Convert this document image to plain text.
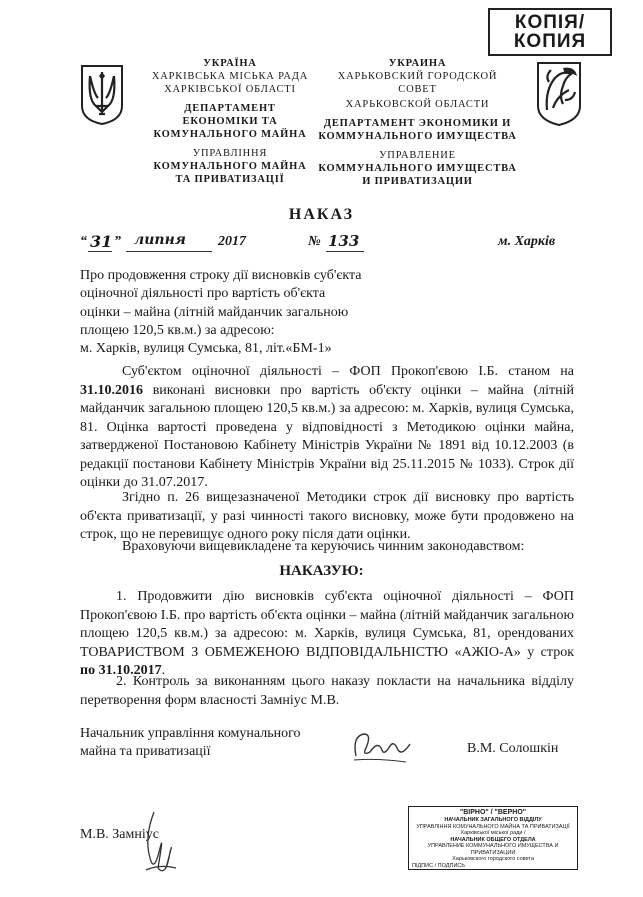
КОПІЯ/
КОПИЯ
УКРАЇНА
ХАРКІВСЬКА МІСЬКА РАДА
ХАРКІВСЬКОЇ ОБЛАСТІ
ДЕПАРТАМЕНТ
ЕКОНОМІКИ ТА
КОМУНАЛЬНОГО МАЙНА
УПРАВЛІННЯ
КОМУНАЛЬНОГО МАЙНА
ТА ПРИВАТИЗАЦІЇ
УКРАИНА
ХАРЬКОВСКИЙ ГОРОДСКОЙ
СОВЕТ
ХАРЬКОВСКОЙ ОБЛАСТИ
ДЕПАРТАМЕНТ ЭКОНОМИКИ И
КОММУНАЛЬНОГО ИМУЩЕСТВА
УПРАВЛЕНИЕ
КОММУНАЛЬНОГО ИМУЩЕСТВА
И ПРИВАТИЗАЦИИ
НАКАЗ
“ 31 ” липня 2017	№ 133	м. Харків
Про продовження строку дії висновків суб'єкта
оціночної діяльності про вартість об'єкта
оцінки – майна (літній майданчик загальною
площею 120,5 кв.м.) за адресою:
м. Харків, вулиця Сумська, 81, літ.«БМ-1»
Суб'єктом оціночної діяльності – ФОП Прокоп'євою І.Б. станом на 31.10.2016 виконані висновки про вартість об'єкту оцінки – майна (літній майданчик загальною площею 120,5 кв.м.) за адресою: м. Харків, вулиця Сумська, 81. Оцінка вартості проведена у відповідності з Методикою оцінки майна, затвердженої Постановою Кабінету Міністрів України № 1891 від 10.12.2003 (в редакції постанови Кабінету Міністрів України від 25.11.2015 № 1033). Строк дії оцінки до 31.07.2017.
Згідно п. 26 вищезазначеної Методики строк дії висновку про вартість об'єкта приватизації, у разі чинності такого висновку, може бути продовжено на строк, що не перевищує одного року після дати оцінки.
Враховуючи вищевикладене та керуючись чинним законодавством:
НАКАЗУЮ:
1. Продовжити дію висновків суб'єкта оціночної діяльності – ФОП Прокоп'євою І.Б. про вартість об'єкта оцінки – майна (літній майданчик загальною площею 120,5 кв.м.) за адресою: м. Харків, вулиця Сумська, 81, орендованих ТОВАРИСТВОМ З ОБМЕЖЕНОЮ ВІДПОВІДАЛЬНІСТЮ «АЖІО-А» у строк по 31.10.2017.
2. Контроль за виконанням цього наказу покласти на начальника відділу перетворення форм власності Замніус М.В.
Начальник управління комунального
майна та приватизації	В.М. Солошкін
М.В. Замніус
"ВІРНО" / "ВЕРНО"
НАЧАЛЬНИК ЗАГАЛЬНОГО ВІДДІЛУ
УПРАВЛІННЯ КОМУНАЛЬНОГО МАЙНА ТА ПРИВАТИЗАЦІЇ
Харківської міської ради /
НАЧАЛЬНИК ОБЩЕГО ОТДЕЛА
УПРАВЛЕНИЕ КОММУНАЛЬНОГО ИМУЩЕСТВА И ПРИВАТИЗАЦИИ
Харьковского городского совета
ПІДПИС / ПОДПИСЬ
